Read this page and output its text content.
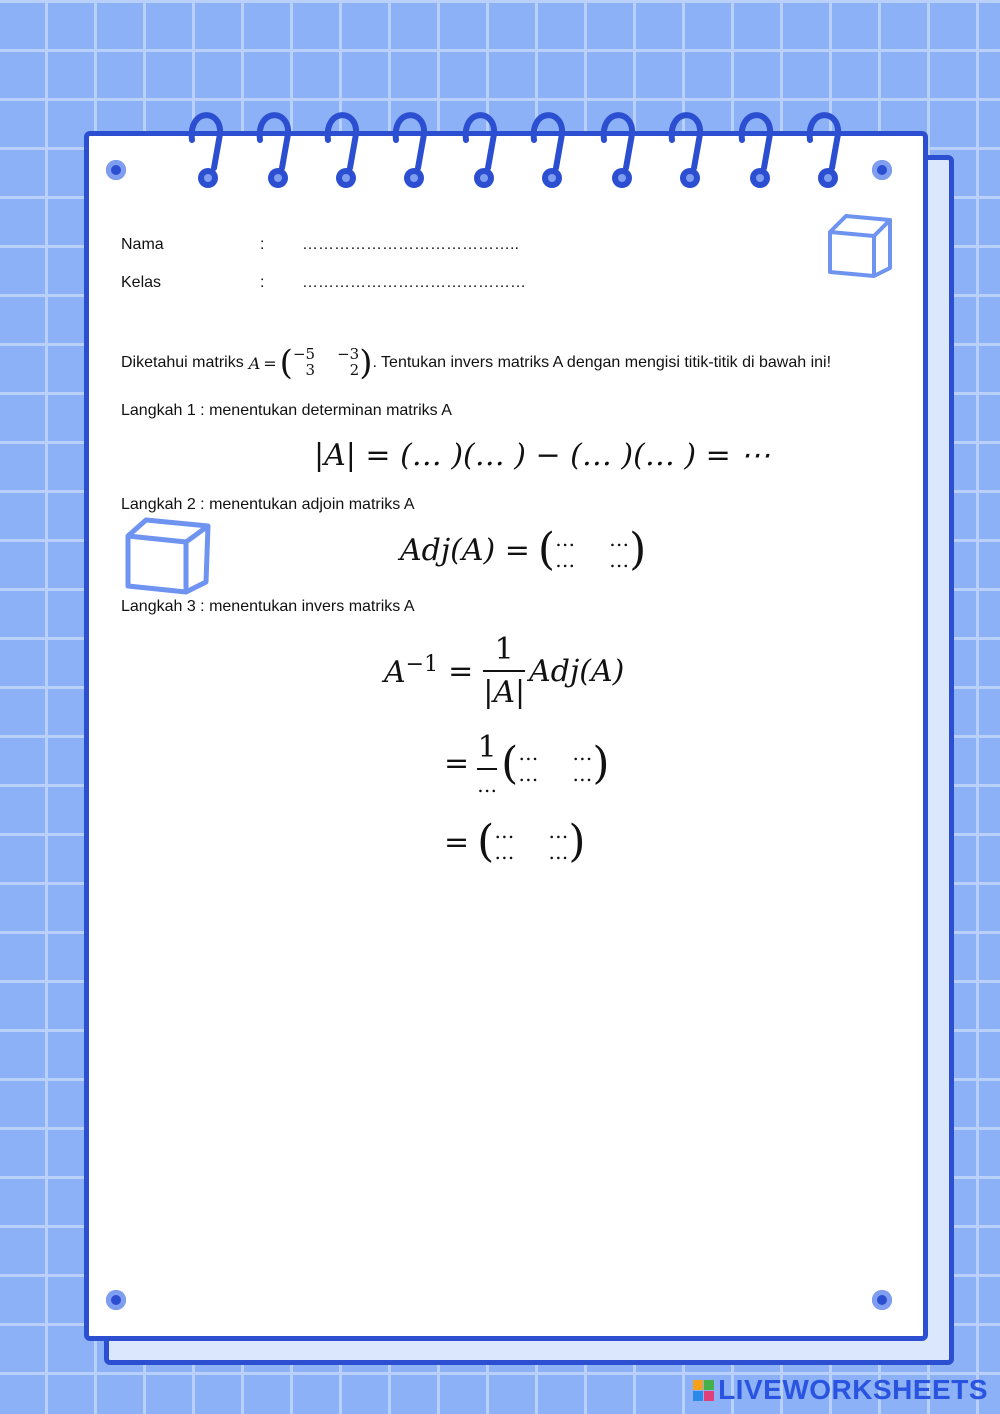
Nama	: …………………………………..
Kelas	: ……………………………………
Diketahui matriks A = ( −5 −3
3	2 ) . Tentukan invers matriks A dengan mengisi titik-titik di bawah ini!
Langkah 1 : menentukan determinan matriks A
|A| = (… )(… ) − (… )(… ) = ⋯
Langkah 2 : menentukan adjoin matriks A
Adj(A) = ( … …
… … )
Langkah 3 : menentukan invers matriks A
$A^{-1} = \frac{1}{|A|} Adj(A)$
= $\frac{1}{\dots}$ ( … …
… … )
= ( … …
… … )
LIVEWORKSHEETS
